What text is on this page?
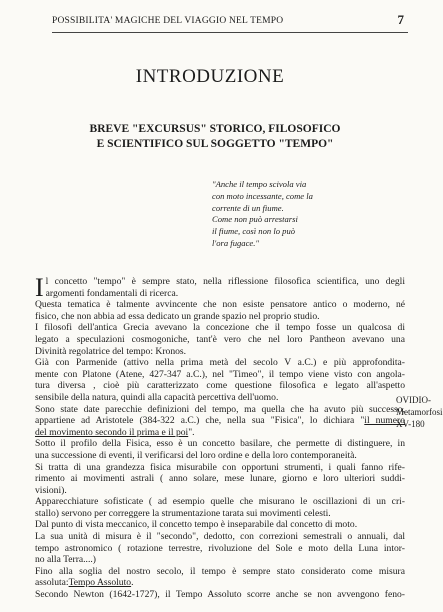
POSSIBILITA' MAGICHE DEL VIAGGIO NEL TEMPO	7
INTRODUZIONE
BREVE "EXCURSUS" STORICO, FILOSOFICO
E SCIENTIFICO SUL SOGGETTO "TEMPO"
"Anche il tempo scivola via
con moto incessante, come la
corrente di un fiume.
Come non può arrestarsi
il fiume, così non lo può
l'ora fugace."
OVIDIO-Metamorfosi XV-180
Il concetto "tempo" è sempre stato, nella riflessione filosofica scientifica, uno degli
argomenti fondamentali di ricerca.
Questa tematica è talmente avvincente che non esiste pensatore antico o moderno, né
fisico, che non abbia ad essa dedicato un grande spazio nel proprio studio.
I filosofi dell'antica Grecia avevano la concezione che il tempo fosse un qualcosa di
legato a speculazioni cosmogoniche, tant'è vero che nel loro Pantheon avevano una
Divinità regolatrice del tempo: Kronos.
Già con Parmenide (attivo nella prima metà del secolo V a.C.) e più approfondita-
mente con Platone (Atene, 427-347 a.C.), nel "Timeo", il tempo viene visto con angola-
tura diversa , cioè più caratterizzato come questione filosofica e legato all'aspetto
sensibile della natura, quindi alla capacità percettiva dell'uomo.
Sono state date parecchie definizioni del tempo, ma quella che ha avuto più successo,
appartiene ad Aristotele (384-322 a.C.) che, nella sua "Fisica", lo dichiara "il numero
del movimento secondo il prima e il poi".
Sotto il profilo della Fisica, esso è un concetto basilare, che permette di distinguere, in
una successione di eventi, il verificarsi del loro ordine e della loro contemporaneità.
Si tratta di una grandezza fisica misurabile con opportuni strumenti, i quali fanno rife-
rimento ai movimenti astrali ( anno solare, mese lunare, giorno e loro ulteriori suddi-
visioni).
Apparecchiature sofisticate ( ad esempio quelle che misurano le oscillazioni di un cri-
stallo) servono per correggere la strumentazione tarata sui movimenti celesti.
Dal punto di vista meccanico, il concetto tempo è inseparabile dal concetto di moto.
La sua unità di misura è il "secondo", dedotto, con correzioni semestrali o annuali, dal
tempo astronomico ( rotazione terrestre, rivoluzione del Sole e moto della Luna intor-
no alla Terra....)
Fino alla soglia del nostro secolo, il tempo è sempre stato considerato come misura
assoluta:Tempo Assoluto.
Secondo Newton (1642-1727), il Tempo Assoluto scorre anche se non avvengono feno-
